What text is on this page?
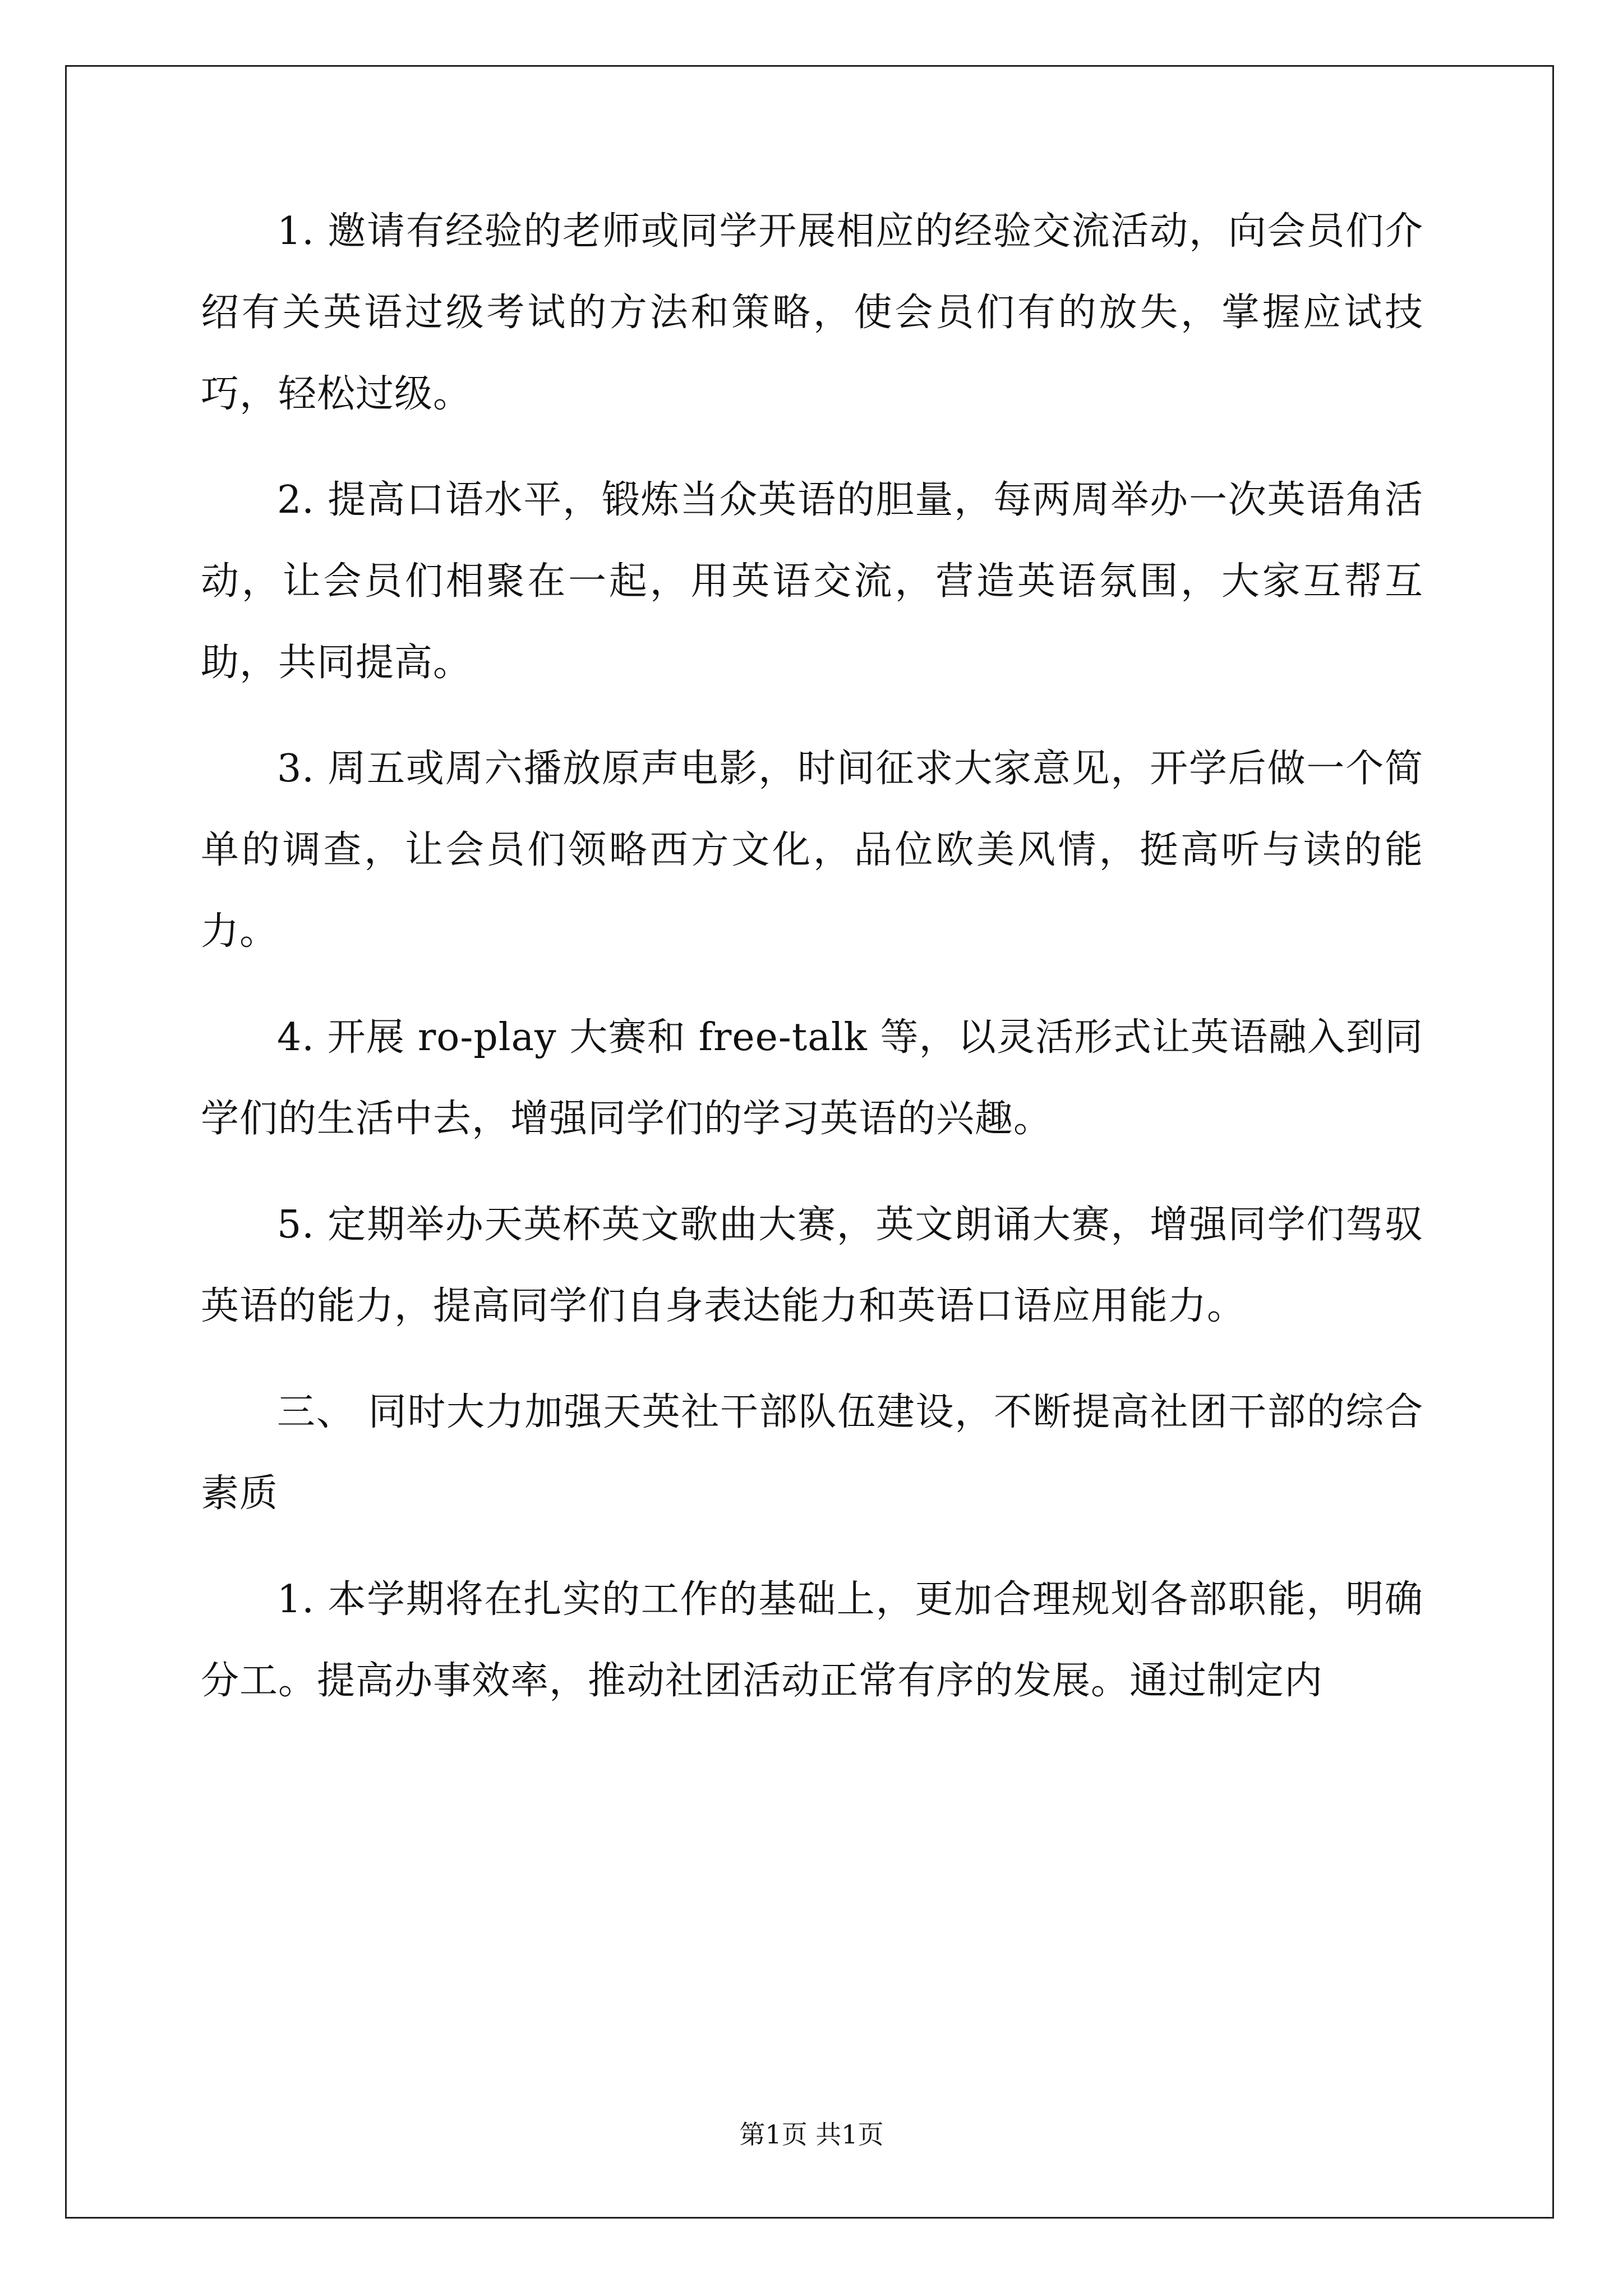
1. 邀请有经验的老师或同学开展相应的经验交流活动，向会员们介绍有关英语过级考试的方法和策略，使会员们有的放失，掌握应试技巧，轻松过级。

2. 提高口语水平，锻炼当众英语的胆量，每两周举办一次英语角活动，让会员们相聚在一起，用英语交流，营造英语氛围，大家互帮互助，共同提高。

3. 周五或周六播放原声电影，时间征求大家意见，开学后做一个简单的调查，让会员们领略西方文化，品位欧美风情，挺高听与读的能力。

4. 开展 ro-play 大赛和 free-talk 等，以灵活形式让英语融入到同学们的生活中去，增强同学们的学习英语的兴趣。

5. 定期举办天英杯英文歌曲大赛，英文朗诵大赛，增强同学们驾驭英语的能力，提高同学们自身表达能力和英语口语应用能力。

三、 同时大力加强天英社干部队伍建设，不断提高社团干部的综合素质

1. 本学期将在扎实的工作的基础上，更加合理规划各部职能，明确分工。提高办事效率，推动社团活动正常有序的发展。通过制定内

第1页 共1页
